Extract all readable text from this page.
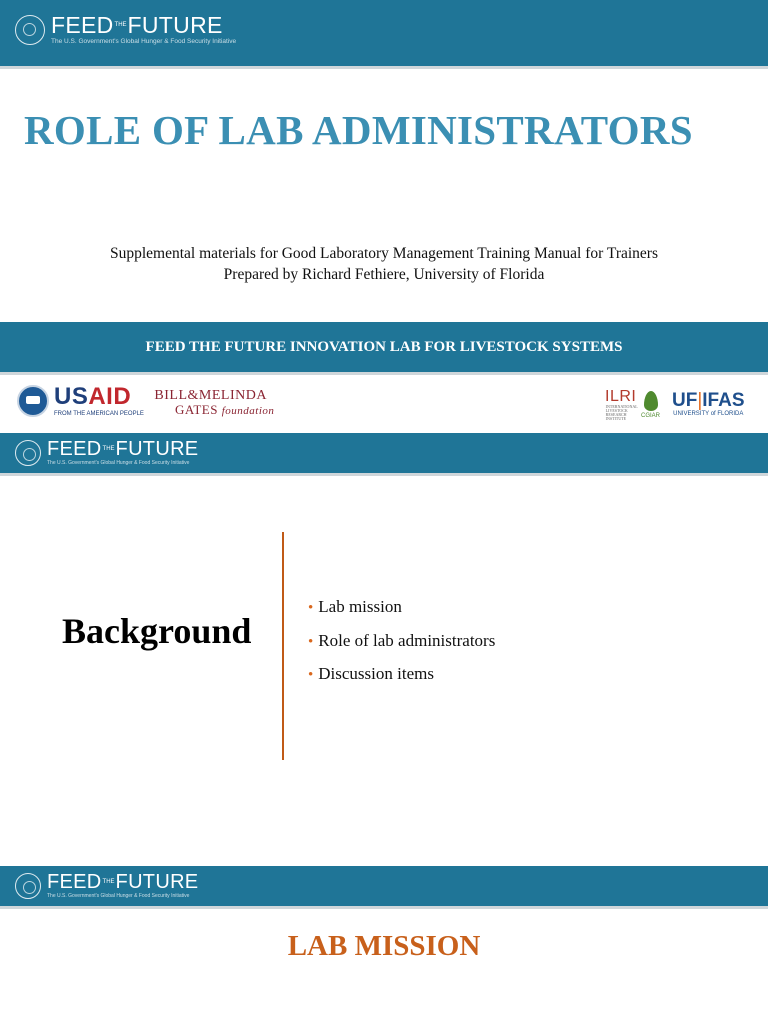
FEED THE FUTURE
The U.S. Government's Global Hunger & Food Security Initiative
ROLE OF LAB ADMINISTRATORS
Supplemental materials for Good Laboratory Management Training Manual for Trainers
Prepared by Richard Fethiere, University of Florida
FEED THE FUTURE INNOVATION LAB FOR LIVESTOCK SYSTEMS
USAID
FROM THE AMERICAN PEOPLE
BILL&MELINDA
GATES foundation
ILRI
INTERNATIONAL LIVESTOCK RESEARCH INSTITUTE	CGIAR
UF|IFAS
UNIVERSITY of FLORIDA
FEED THE FUTURE
The U.S. Government's Global Hunger & Food Security Initiative
Background
• Lab mission
• Role of lab administrators
• Discussion items
FEED THE FUTURE
The U.S. Government's Global Hunger & Food Security Initiative
LAB MISSION
